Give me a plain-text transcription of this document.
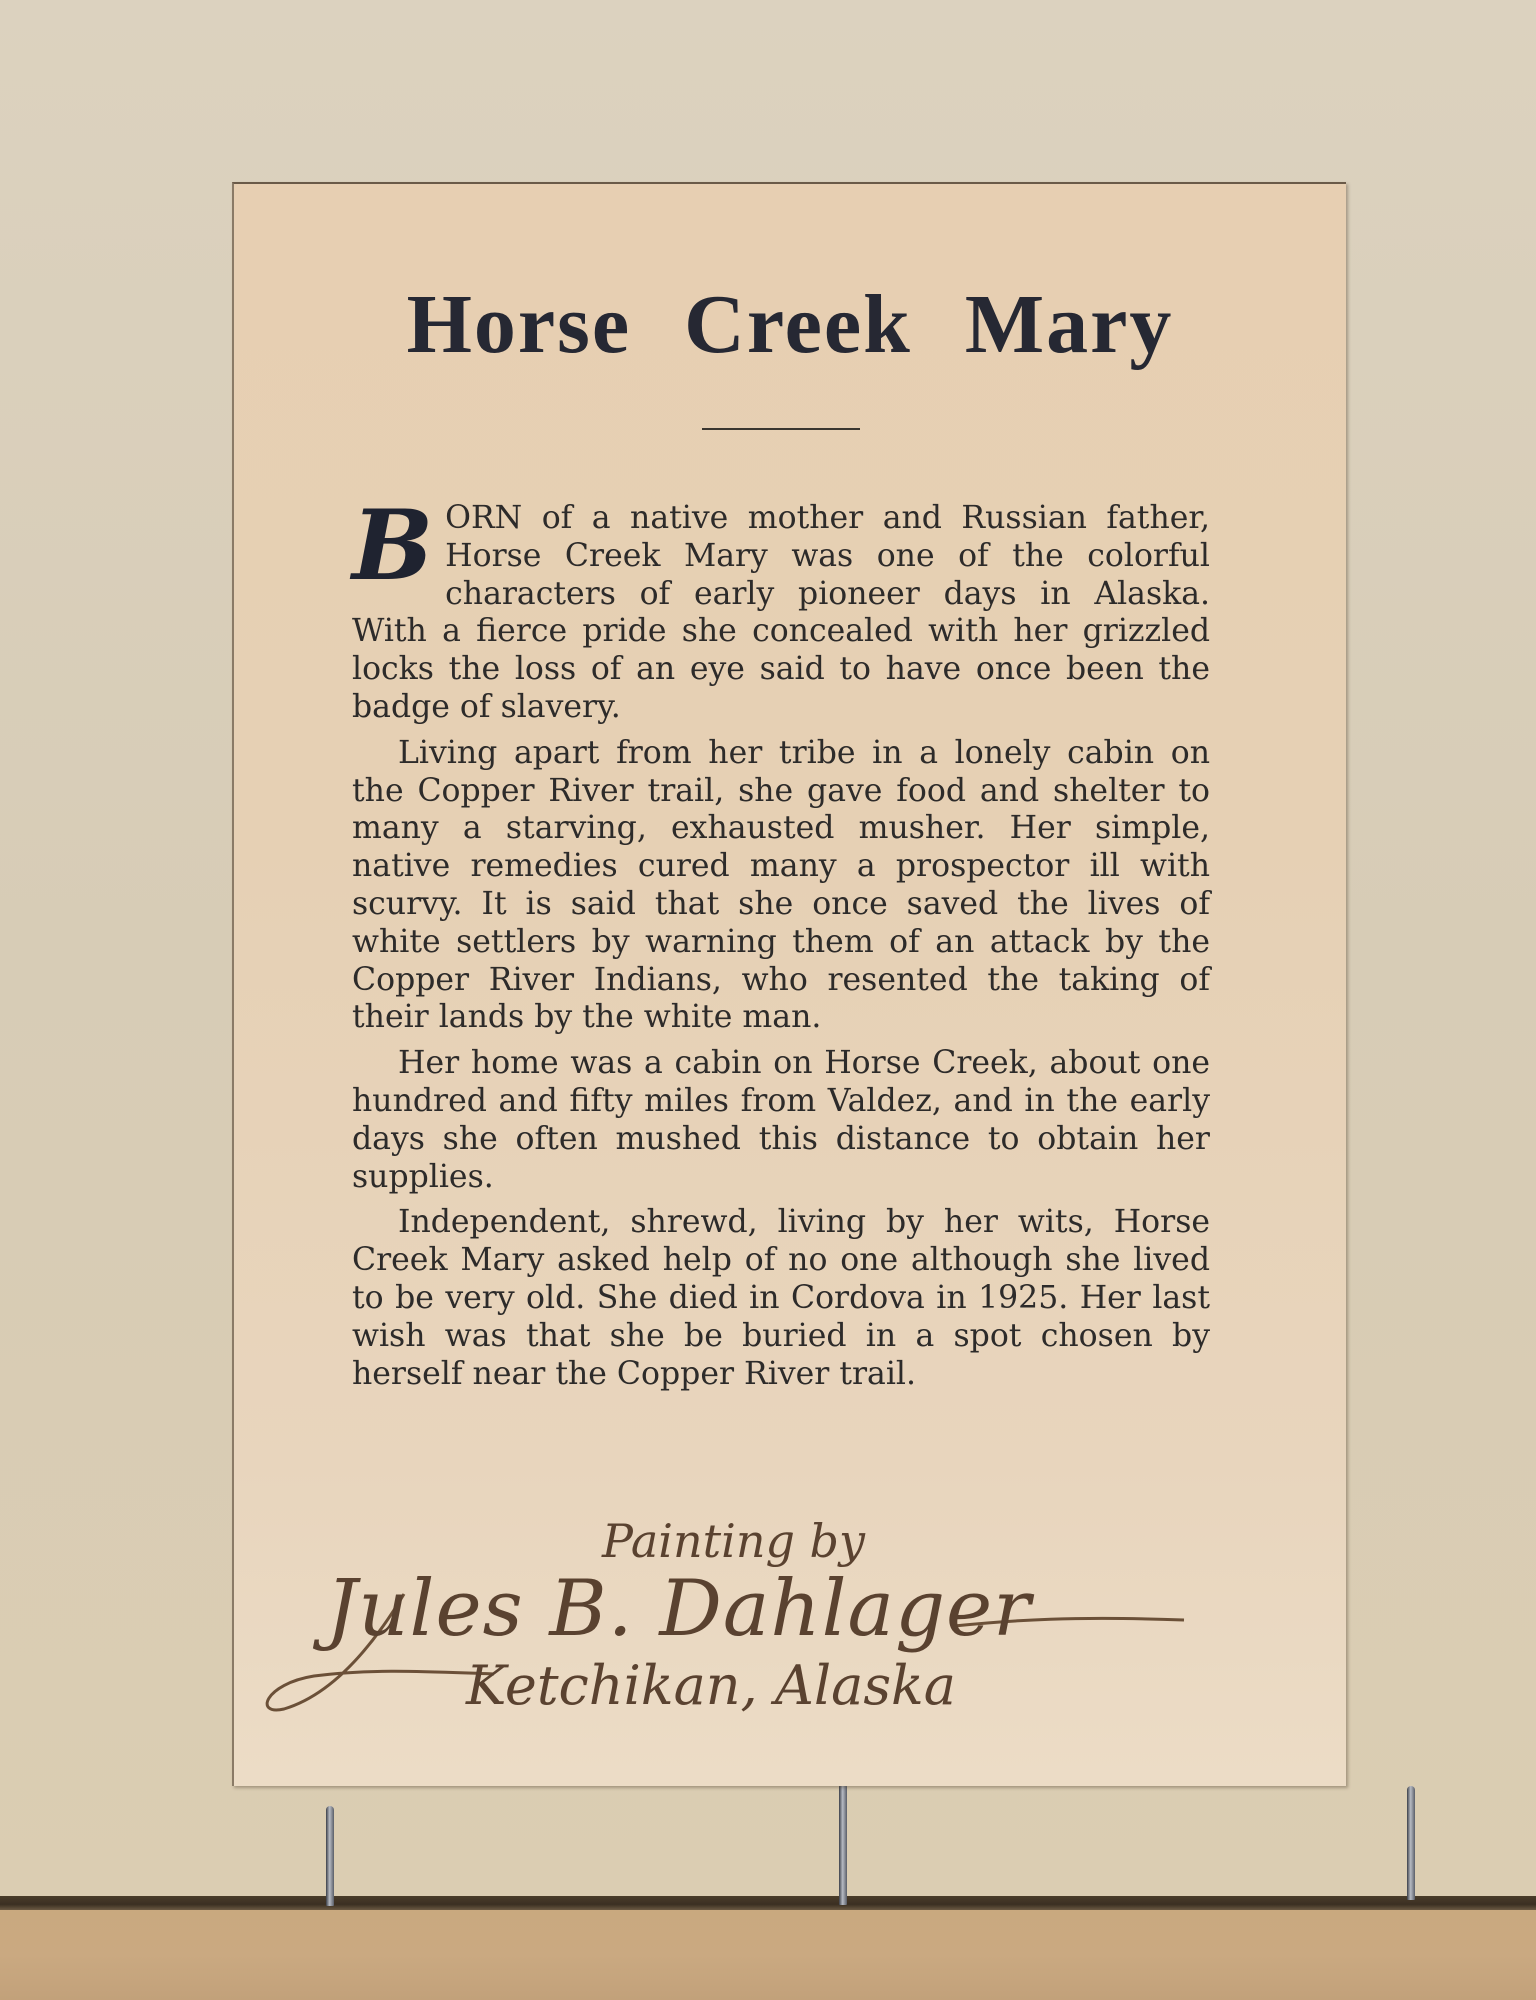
Horse Creek Mary

BORN of a native mother and Russian father, Horse Creek Mary was one of the colorful characters of early pioneer days in Alaska. With a fierce pride she concealed with her grizzled locks the loss of an eye said to have once been the badge of slavery.

Living apart from her tribe in a lonely cabin on the Copper River trail, she gave food and shelter to many a starving, exhausted musher. Her simple, native remedies cured many a prospector ill with scurvy. It is said that she once saved the lives of white settlers by warning them of an attack by the Copper River Indians, who resented the taking of their lands by the white man.

Her home was a cabin on Horse Creek, about one hundred and fifty miles from Valdez, and in the early days she often mushed this distance to obtain her supplies.

Independent, shrewd, living by her wits, Horse Creek Mary asked help of no one although she lived to be very old. She died in Cordova in 1925. Her last wish was that she be buried in a spot chosen by herself near the Copper River trail.

Painting by
Jules B. Dahlager
Ketchikan, Alaska
